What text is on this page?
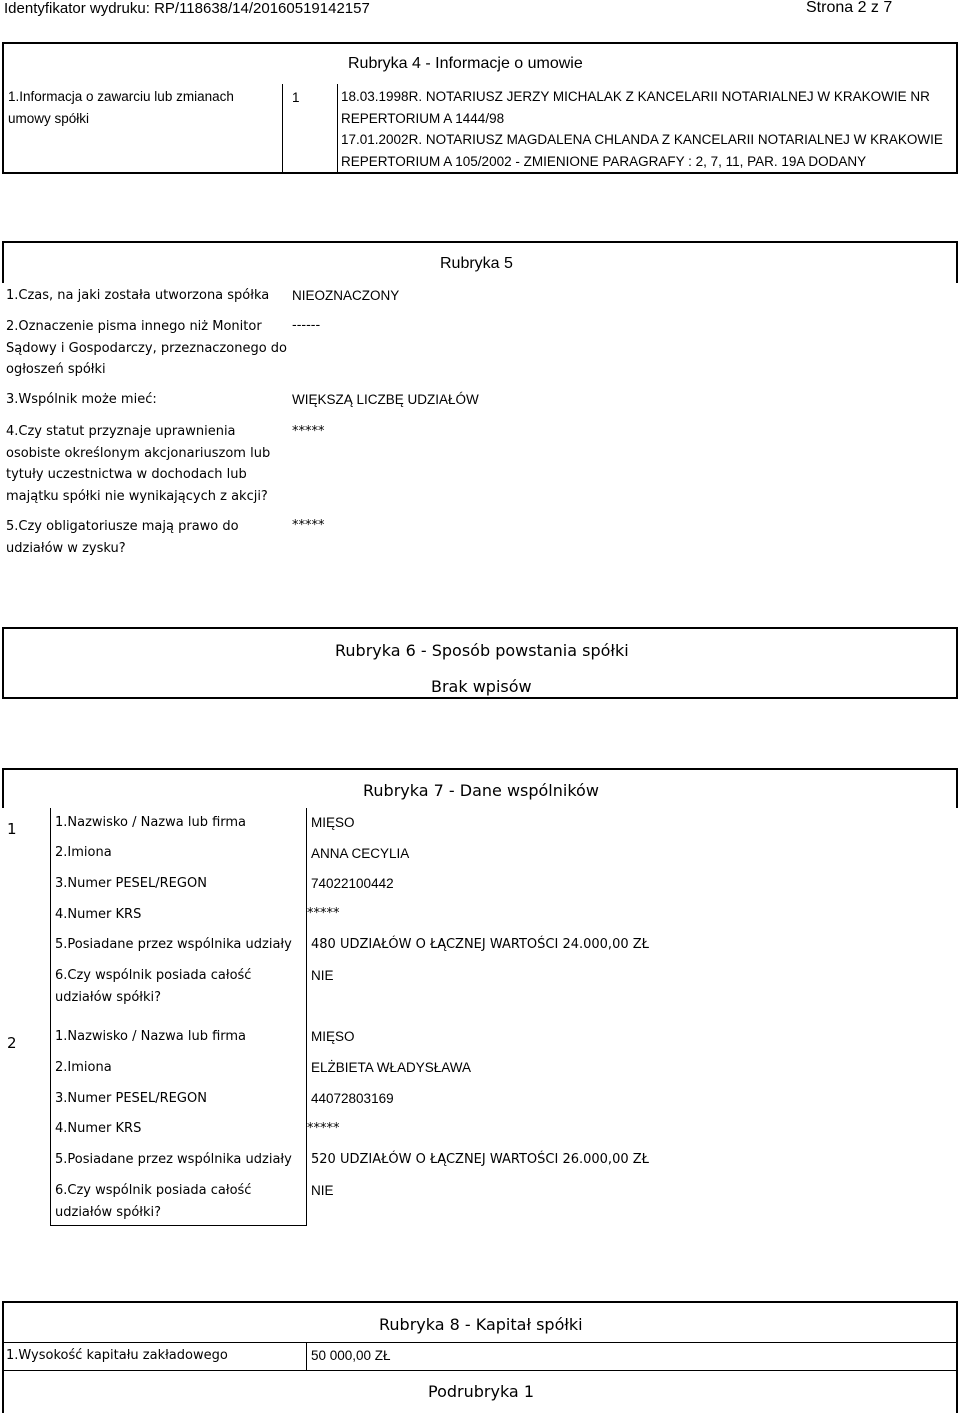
Identyfikator wydruku: RP/118638/14/20160519142157	Strona 2 z 7
Rubryka 4 - Informacje o umowie
1.Informacja o zawarciu lub zmianach
umowy spółki
1	18.03.1998R. NOTARIUSZ JERZY MICHALAK Z KANCELARII NOTARIALNEJ W KRAKOWIE NR
REPERTORIUM A 1444/98
17.01.2002R. NOTARIUSZ MAGDALENA CHLANDA Z KANCELARII NOTARIALNEJ W KRAKOWIE
REPERTORIUM A 105/2002 - ZMIENIONE PARAGRAFY : 2, 7, 11, PAR. 19A DODANY
Rubryka 5
1.Czas, na jaki została utworzona spółka NIEOZNACZONY
2.Oznaczenie pisma innego niż Monitor
Sądowy i Gospodarczy, przeznaczonego do
ogłoszeń spółki
------
3.Wspólnik może mieć:	WIĘKSZĄ LICZBĘ UDZIAŁÓW
4.Czy statut przyznaje uprawnienia
osobiste określonym akcjonariuszom lub
tytuły uczestnictwa w dochodach lub
majątku spółki nie wynikających z akcji?
*****
5.Czy obligatoriusze mają prawo do
udziałów w zysku?
*****
Rubryka 6 - Sposób powstania spółki
Brak wpisów
Rubryka 7 - Dane wspólników
1	1.Nazwisko / Nazwa lub firma	MIĘSO
2.Imiona	ANNA CECYLIA
3.Numer PESEL/REGON	74022100442
4.Numer KRS	*****
5.Posiadane przez wspólnika udziały 480 UDZIAŁÓW O ŁĄCZNEJ WARTOŚCI 24.000,00 ZŁ
6.Czy wspólnik posiada całość
udziałów spółki?
NIE
2	1.Nazwisko / Nazwa lub firma	MIĘSO
2.Imiona	ELŻBIETA WŁADYSŁAWA
3.Numer PESEL/REGON	44072803169
4.Numer KRS	*****
5.Posiadane przez wspólnika udziały 520 UDZIAŁÓW O ŁĄCZNEJ WARTOŚCI 26.000,00 ZŁ
6.Czy wspólnik posiada całość
udziałów spółki?
NIE
Rubryka 8 - Kapitał spółki
1.Wysokość kapitału zakładowego	50 000,00 ZŁ
Podrubryka 1
